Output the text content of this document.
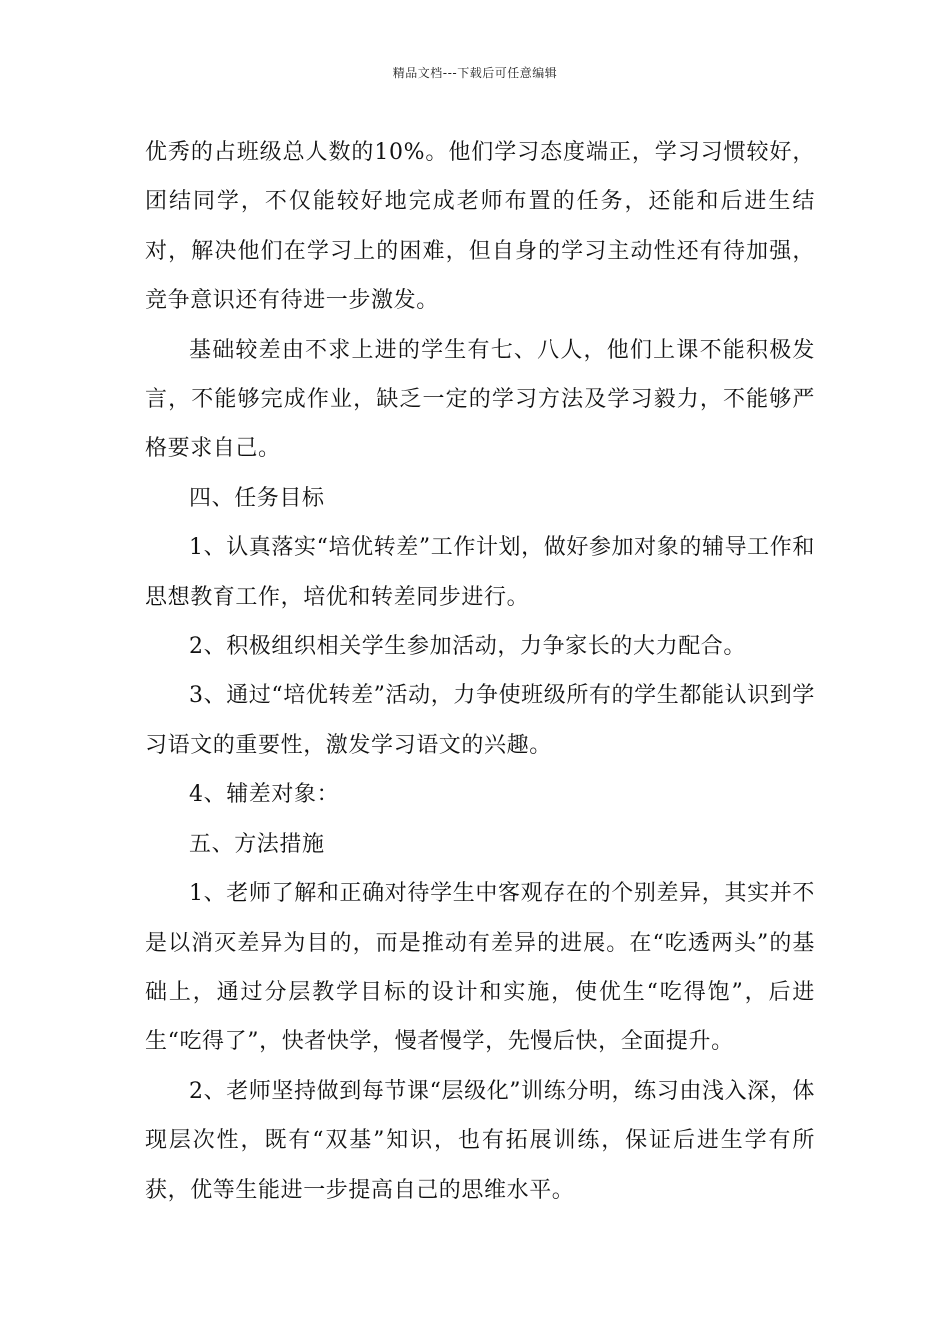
精品文档---下载后可任意编辑

优秀的占班级总人数的10%。他们学习态度端正，学习习惯较好，团结同学，不仅能较好地完成老师布置的任务，还能和后进生结对，解决他们在学习上的困难，但自身的学习主动性还有待加强，竞争意识还有待进一步激发。

基础较差由不求上进的学生有七、八人，他们上课不能积极发言，不能够完成作业，缺乏一定的学习方法及学习毅力，不能够严格要求自己。

四、任务目标

1、认真落实“培优转差”工作计划，做好参加对象的辅导工作和思想教育工作，培优和转差同步进行。

2、积极组织相关学生参加活动，力争家长的大力配合。

3、通过“培优转差”活动，力争使班级所有的学生都能认识到学习语文的重要性，激发学习语文的兴趣。

4、辅差对象：

五、方法措施

1、老师了解和正确对待学生中客观存在的个别差异，其实并不是以消灭差异为目的，而是推动有差异的进展。在“吃透两头”的基础上，通过分层教学目标的设计和实施，使优生“吃得饱”，后进生“吃得了”，快者快学，慢者慢学，先慢后快，全面提升。

2、老师坚持做到每节课“层级化”训练分明，练习由浅入深，体现层次性，既有“双基”知识，也有拓展训练，保证后进生学有所获，优等生能进一步提高自己的思维水平。
